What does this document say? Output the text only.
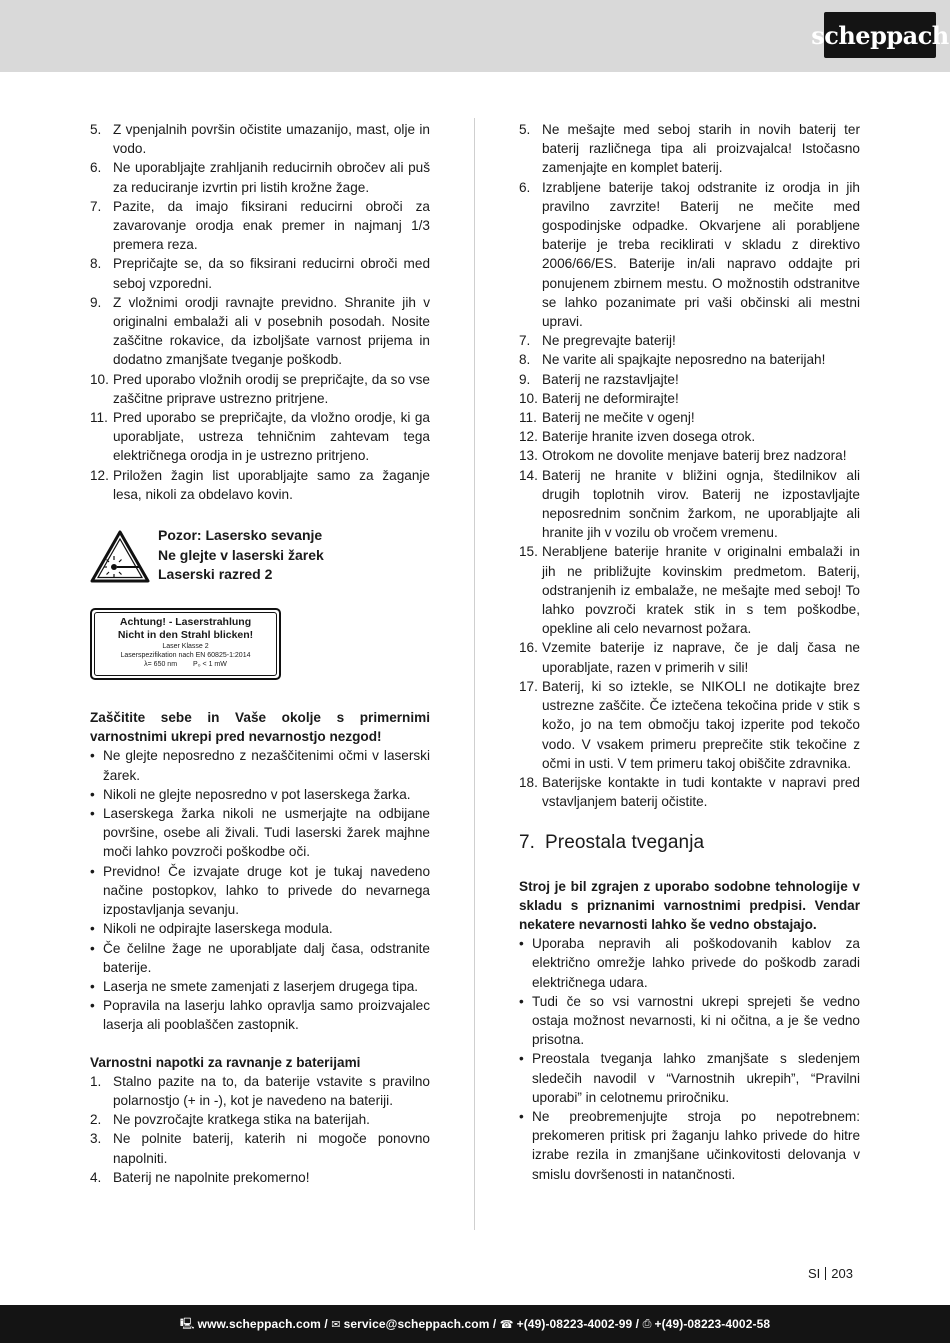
scheppach
5. Z vpenjalnih površin očistite umazanijo, mast, olje in vodo.
6. Ne uporabljajte zrahljanih reducirnih obročev ali puš za reduciranje izvrtin pri listih krožne žage.
7. Pazite, da imajo fiksirani reducirni obroči za zavarovanje orodja enak premer in najmanj 1/3 premera reza.
8. Prepričajte se, da so fiksirani reducirni obroči med seboj vzporedni.
9. Z vložnimi orodji ravnajte previdno. Shranite jih v originalni embalaži ali v posebnih posodah. Nosite zaščitne rokavice, da izboljšate varnost prijema in dodatno zmanjšate tveganje poškodb.
10. Pred uporabo vložnih orodij se prepričajte, da so vse zaščitne priprave ustrezno pritrjene.
11. Pred uporabo se prepričajte, da vložno orodje, ki ga uporabljate, ustreza tehničnim zahtevam tega električnega orodja in je ustrezno pritrjeno.
12. Priložen žagin list uporabljajte samo za žaganje lesa, nikoli za obdelavo kovin.
Pozor: Lasersko sevanje
Ne glejte v laserski žarek
Laserski razred 2
Achtung! - Laserstrahlung
Nicht in den Strahl blicken!
Laser Klasse 2
Laserspezifikation nach EN 60825-1:2014
λ= 650 nm P₀ < 1 mW
Zaščitite sebe in Vaše okolje s primernimi varnostnimi ukrepi pred nevarnostjo nezgod!
• Ne glejte neposredno z nezaščitenimi očmi v laserski žarek.
• Nikoli ne glejte neposredno v pot laserskega žarka.
• Laserskega žarka nikoli ne usmerjajte na odbijane površine, osebe ali živali. Tudi laserski žarek majhne moči lahko povzroči poškodbe oči.
• Previdno! Če izvajate druge kot je tukaj navedeno načine postopkov, lahko to privede do nevarnega izpostavljanja sevanju.
• Nikoli ne odpirajte laserskega modula.
• Če čelilne žage ne uporabljate dalj časa, odstranite baterije.
• Laserja ne smete zamenjati z laserjem drugega tipa.
• Popravila na laserju lahko opravlja samo proizvajalec laserja ali pooblaščen zastopnik.
Varnostni napotki za ravnanje z baterijami
1. Stalno pazite na to, da baterije vstavite s pravilno polarnostjo (+ in -), kot je navedeno na bateriji.
2. Ne povzročajte kratkega stika na baterijah.
3. Ne polnite baterij, katerih ni mogoče ponovno napolniti.
4. Baterij ne napolnite prekomerno!
5. Ne mešajte med seboj starih in novih baterij ter baterij različnega tipa ali proizvajalca! Istočasno zamenjajte en komplet baterij.
6. Izrabljene baterije takoj odstranite iz orodja in jih pravilno zavrzite! Baterij ne mečite med gospodinjske odpadke. Okvarjene ali porabljene baterije je treba reciklirati v skladu z direktivo 2006/66/ES. Baterije in/ali napravo oddajte pri ponujenem zbirnem mestu. O možnostih odstranitve se lahko pozanimate pri vaši občinski ali mestni upravi.
7. Ne pregrevajte baterij!
8. Ne varite ali spajkajte neposredno na baterijah!
9. Baterij ne razstavljajte!
10. Baterij ne deformirajte!
11. Baterij ne mečite v ogenj!
12. Baterije hranite izven dosega otrok.
13. Otrokom ne dovolite menjave baterij brez nadzora!
14. Baterij ne hranite v bližini ognja, štedilnikov ali drugih toplotnih virov. Baterij ne izpostavljajte neposrednim sončnim žarkom, ne uporabljajte ali hranite jih v vozilu ob vročem vremenu.
15. Nerabljene baterije hranite v originalni embalaži in jih ne približujte kovinskim predmetom. Baterij, odstranjenih iz embalaže, ne mešajte med seboj! To lahko povzroči kratek stik in s tem poškodbe, opekline ali celo nevarnost požara.
16. Vzemite baterije iz naprave, če je dalj časa ne uporabljate, razen v primerih v sili!
17. Baterij, ki so iztekle, se NIKOLI ne dotikajte brez ustrezne zaščite. Če iztečena tekočina pride v stik s kožo, jo na tem območju takoj izperite pod tekočo vodo. V vsakem primeru preprečite stik tekočine z očmi in usti. V tem primeru takoj obiščite zdravnika.
18. Baterijske kontakte in tudi kontakte v napravi pred vstavljanjem baterij očistite.
7. Preostala tveganja
Stroj je bil zgrajen z uporabo sodobne tehnologije v skladu s priznanimi varnostnimi predpisi. Vendar nekatere nevarnosti lahko še vedno obstajajo.
• Uporaba nepravih ali poškodovanih kablov za električno omrežje lahko privede do poškodb zaradi električnega udara.
• Tudi če so vsi varnostni ukrepi sprejeti še vedno ostaja možnost nevarnosti, ki ni očitna, a je še vedno prisotna.
• Preostala tveganja lahko zmanjšate s sledenjem sledečih navodil v “Varnostnih ukrepih”, “Pravilni uporabi” in celotnemu priročniku.
• Ne preobremenjujte stroja po nepotrebnem: prekomeren pritisk pri žaganju lahko privede do hitre izrabe rezila in zmanjšane učinkovitosti delovanja v smislu dovršenosti in natančnosti.
SI 203
🖳 www.scheppach.com / ✉ service@scheppach.com / ☎ +(49)-08223-4002-99 / ⎙ +(49)-08223-4002-58
